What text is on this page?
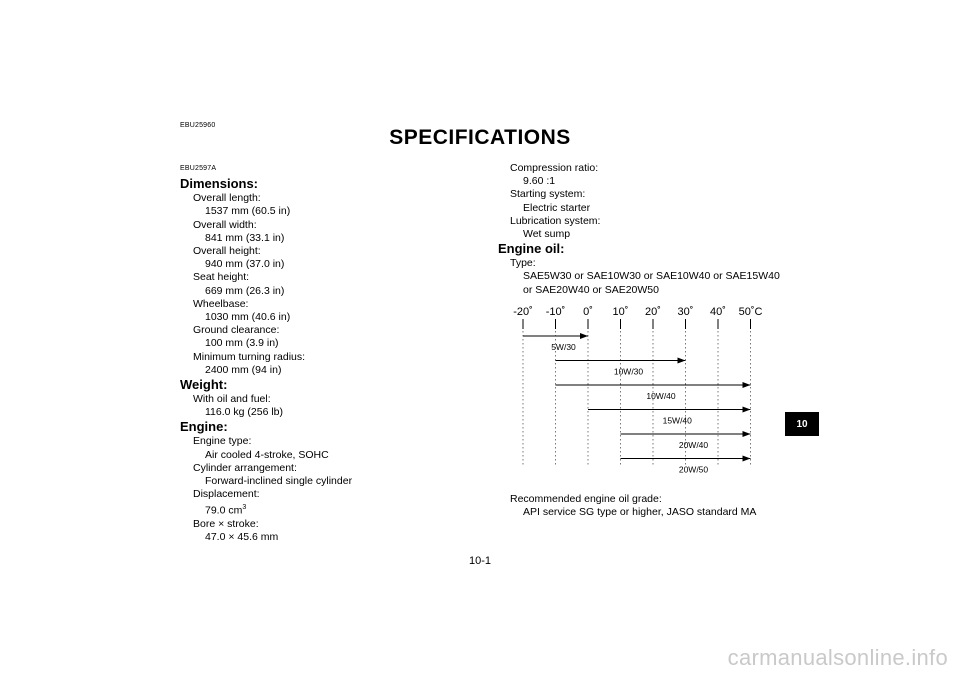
EBU25960
SPECIFICATIONS
EBU2597A
Dimensions:
Overall length:
1537 mm (60.5 in)
Overall width:
841 mm (33.1 in)
Overall height:
940 mm (37.0 in)
Seat height:
669 mm (26.3 in)
Wheelbase:
1030 mm (40.6 in)
Ground clearance:
100 mm (3.9 in)
Minimum turning radius:
2400 mm (94 in)
Weight:
With oil and fuel:
116.0 kg (256 lb)
Engine:
Engine type:
Air cooled 4-stroke, SOHC
Cylinder arrangement:
Forward-inclined single cylinder
Displacement:
79.0 $cm^3$
Bore × stroke:
47.0 × 45.6 mm
Compression ratio:
9.60 :1
Starting system:
Electric starter
Lubrication system:
Wet sump
Engine oil:
Type:
SAE5W30 or SAE10W30 or SAE10W40 or SAE15W40
or SAE20W40 or SAE20W50
-20˚ -10˚ 0˚ 10˚ 20˚ 30˚ 40˚ 50˚C
5W/30
10W/30
10W/40
15W/40
20W/40
20W/50
Recommended engine oil grade:
API service SG type or higher, JASO standard MA
10
10-1
carmanualsonline.info
